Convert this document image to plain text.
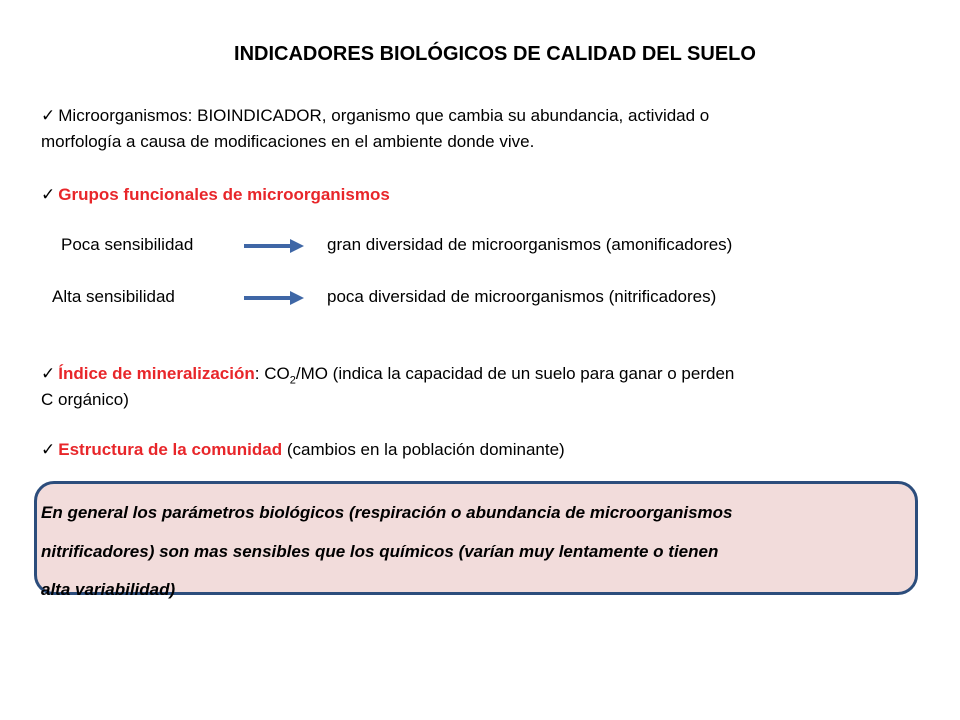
INDICADORES BIOLÓGICOS DE CALIDAD DEL SUELO
✓ Microorganismos: BIOINDICADOR, organismo que cambia su abundancia, actividad o
morfología a causa de modificaciones en el ambiente donde vive.
✓ Grupos funcionales de microorganismos
Poca sensibilidad	gran diversidad de microorganismos (amonificadores)
Alta sensibilidad	poca diversidad de microorganismos (nitrificadores)
✓ Índice de mineralización: $CO_2/MO$ (indica la capacidad de un suelo para ganar o perden
C orgánico)
✓ Estructura de la comunidad (cambios en la población dominante)
En general los parámetros biológicos (respiración o abundancia de microorganismos
nitrificadores) son mas sensibles que los químicos (varían muy lentamente o tienen
alta variabilidad)
